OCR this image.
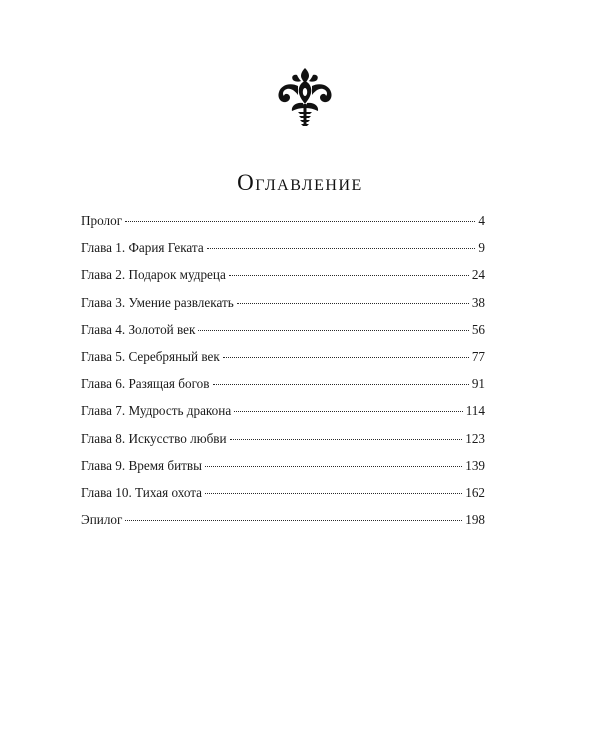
Оглавление
Пролог	4
Глава 1. Фария Геката	9
Глава 2. Подарок мудреца	24
Глава 3. Умение развлекать	38
Глава 4. Золотой век	56
Глава 5. Серебряный век	77
Глава 6. Разящая богов	91
Глава 7. Мудрость дракона	114
Глава 8. Искусство любви	123
Глава 9. Время битвы	139
Глава 10. Тихая охота	162
Эпилог	198
